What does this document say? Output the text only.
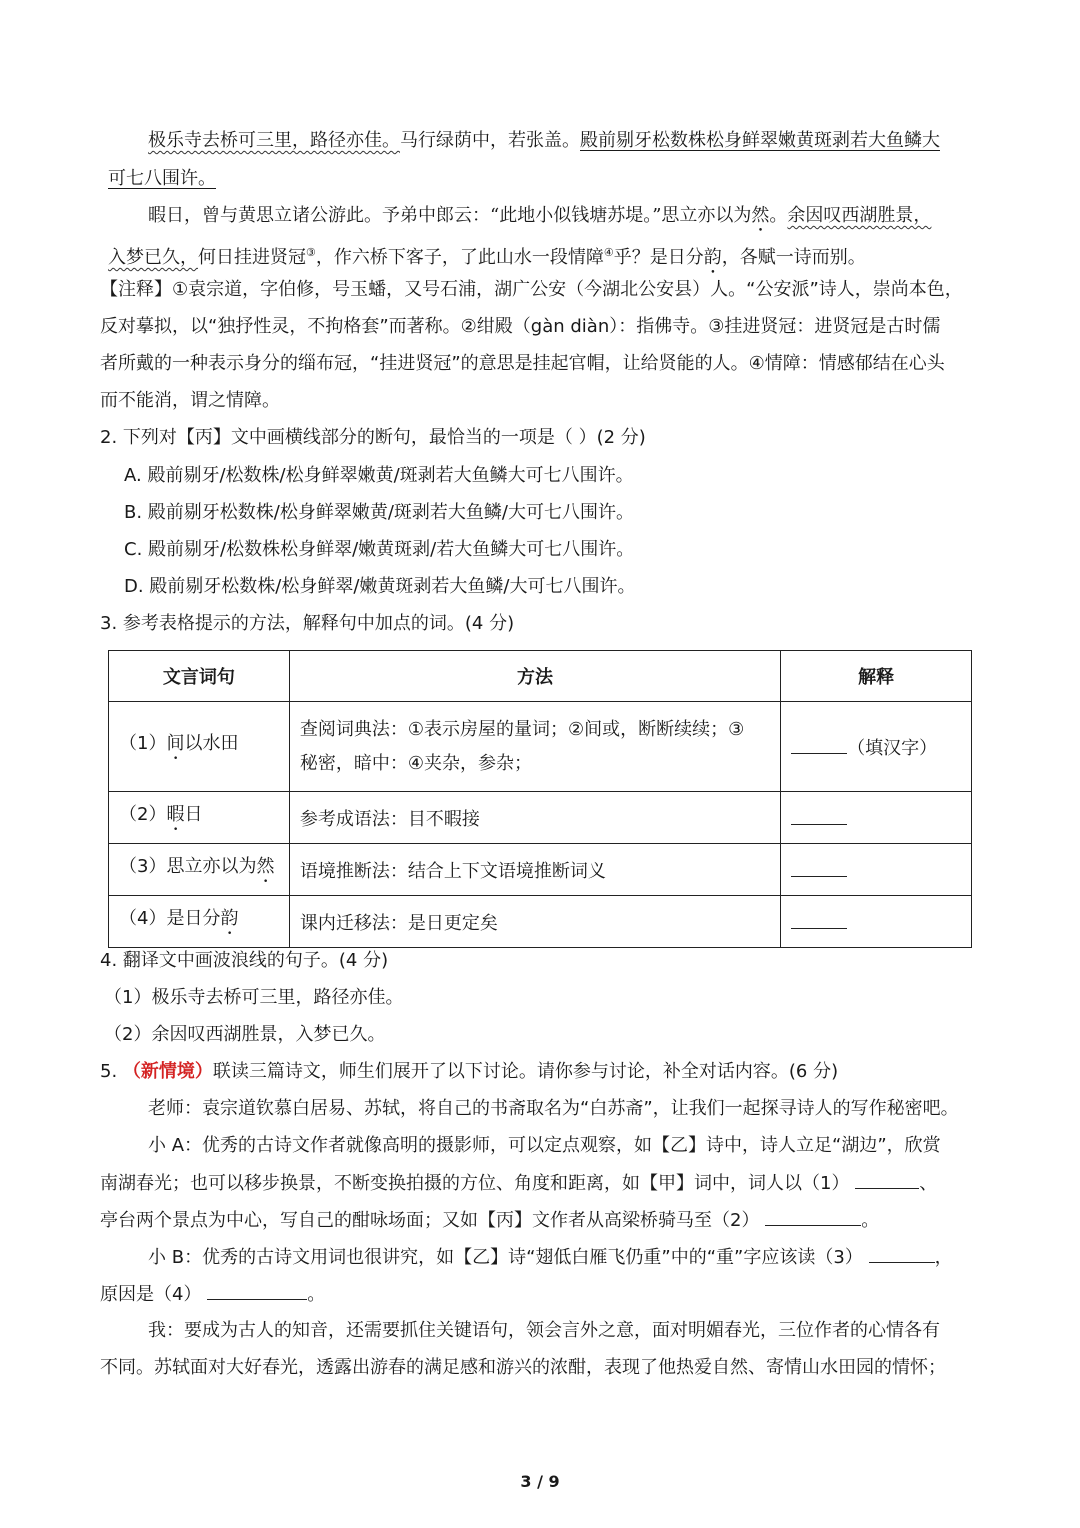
极乐寺去桥可三里，路径亦佳。马行绿荫中，若张盖。殿前剔牙松数株松身鲜翠嫩黄斑剥若大鱼鳞大
可七八围许。
暇日，曾与黄思立诸公游此。予弟中郎云：“此地小似钱塘苏堤。”思立亦以为然。余因叹西湖胜景，
入梦已久，何日挂进贤冠③，作六桥下客子，了此山水一段情障④乎？是日分韵，各赋一诗而别。
【注释】①袁宗道，字伯修，号玉蟠，又号石浦，湖广公安（今湖北公安县）人。“公安派”诗人，崇尚本色，
反对摹拟，以“独抒性灵，不拘格套”而著称。②绀殿（gàn diàn）：指佛寺。③挂进贤冠：进贤冠是古时儒
者所戴的一种表示身分的缁布冠，“挂进贤冠”的意思是挂起官帽，让给贤能的人。④情障：情感郁结在心头
而不能消，谓之情障。
2. 下列对【丙】文中画横线部分的断句，最恰当的一项是（ ）(2 分)
A. 殿前剔牙/松数株/松身鲜翠嫩黄/斑剥若大鱼鳞大可七八围许。
B. 殿前剔牙松数株/松身鲜翠嫩黄/斑剥若大鱼鳞/大可七八围许。
C. 殿前剔牙/松数株松身鲜翠/嫩黄斑剥/若大鱼鳞大可七八围许。
D. 殿前剔牙松数株/松身鲜翠/嫩黄斑剥若大鱼鳞/大可七八围许。
3. 参考表格提示的方法，解释句中加点的词。(4 分)
文言词句	方法	解释
（1）间以水田	查阅词典法：①表示房屋的量词；②间或，断断续续；③
秘密，暗中：④夹杂，参杂；	（填汉字）
（2）暇日	参考成语法：目不暇接	
（3）思立亦以为然	语境推断法：结合上下文语境推断词义	
（4）是日分韵	课内迁移法：是日更定矣	
4. 翻译文中画波浪线的句子。(4 分)
（1）极乐寺去桥可三里，路径亦佳。
（2）余因叹西湖胜景，入梦已久。
5. （新情境）联读三篇诗文，师生们展开了以下讨论。请你参与讨论，补全对话内容。(6 分)
老师：袁宗道钦慕白居易、苏轼，将自己的书斋取名为“白苏斋”，让我们一起探寻诗人的写作秘密吧。
小 A：优秀的古诗文作者就像高明的摄影师，可以定点观察，如【乙】诗中，诗人立足“湖边”，欣赏
南湖春光；也可以移步换景，不断变换拍摄的方位、角度和距离，如【甲】词中，词人以（1）	、
亭台两个景点为中心，写自己的酣咏场面；又如【丙】文作者从高梁桥骑马至（2）	。
小 B：优秀的古诗文用词也很讲究，如【乙】诗“翅低白雁飞仍重”中的“重”字应该读（3）	，
原因是（4）	。
我：要成为古人的知音，还需要抓住关键语句，领会言外之意，面对明媚春光，三位作者的心情各有
不同。苏轼面对大好春光，透露出游春的满足感和游兴的浓酣，表现了他热爱自然、寄情山水田园的情怀；
3 / 9
